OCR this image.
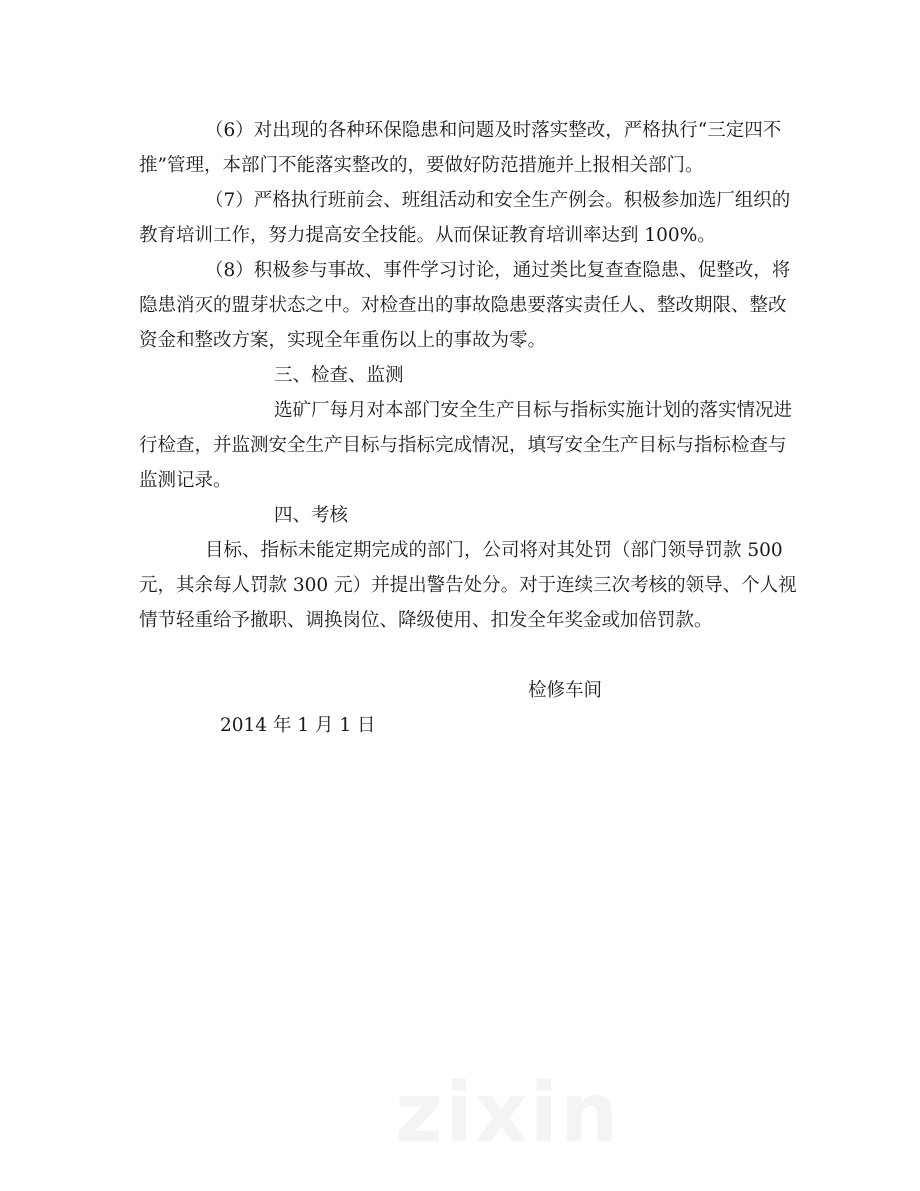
（6）对出现的各种环保隐患和问题及时落实整改，严格执行“三定四不
推”管理，本部门不能落实整改的，要做好防范措施并上报相关部门。
（7）严格执行班前会、班组活动和安全生产例会。积极参加选厂组织的
教育培训工作，努力提高安全技能。从而保证教育培训率达到 100%。
（8）积极参与事故、事件学习讨论，通过类比复查查隐患、促整改，将
隐患消灭的盟芽状态之中。对检查出的事故隐患要落实责任人、整改期限、整改
资金和整改方案，实现全年重伤以上的事故为零。
三、检查、监测
选矿厂每月对本部门安全生产目标与指标实施计划的落实情况进
行检查，并监测安全生产目标与指标完成情况，填写安全生产目标与指标检查与
监测记录。
四、考核
目标、指标未能定期完成的部门，公司将对其处罚（部门领导罚款 500
元，其余每人罚款 300 元）并提出警告处分。对于连续三次考核的领导、个人视
情节轻重给予撤职、调换岗位、降级使用、扣发全年奖金或加倍罚款。
检修车间
2014 年 1 月 1 日
zixin
